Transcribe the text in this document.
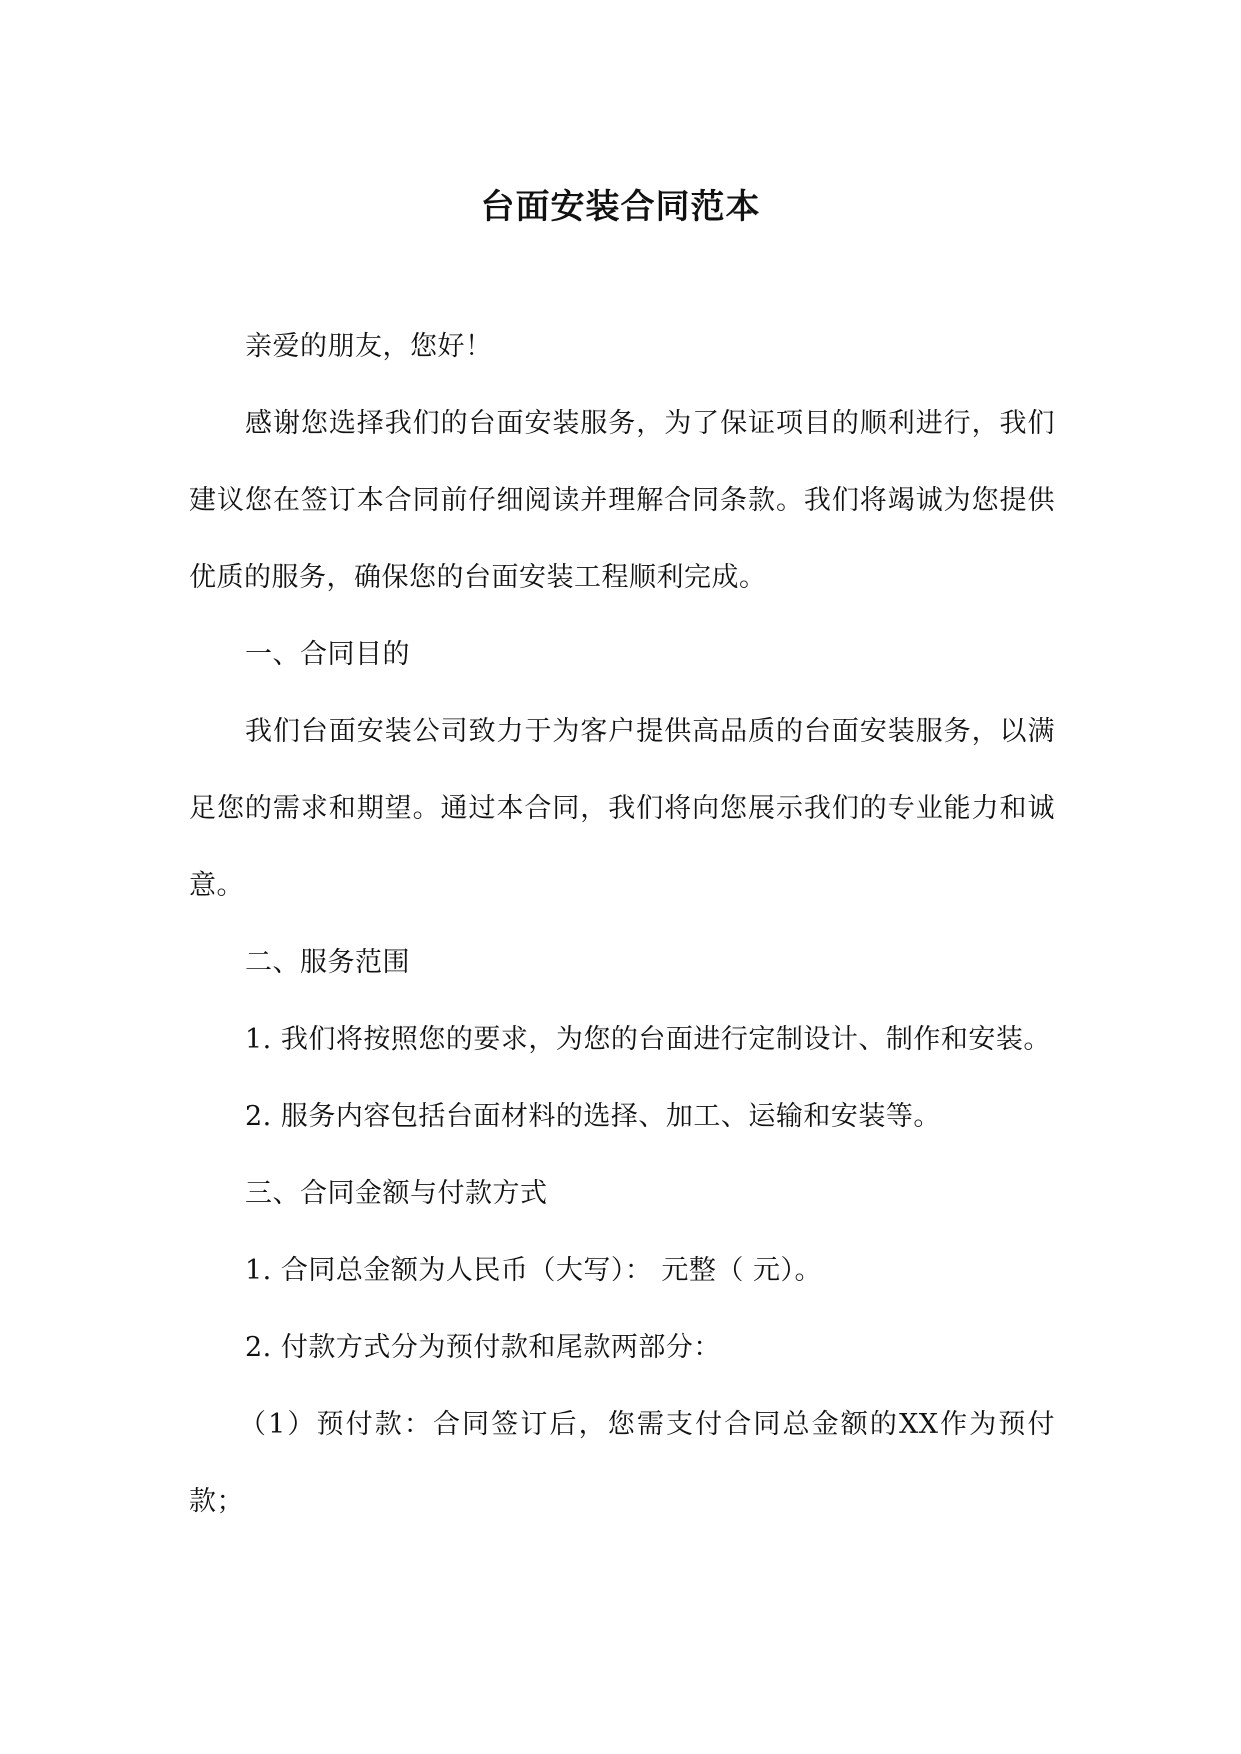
台面安装合同范本

亲爱的朋友，您好！

感谢您选择我们的台面安装服务，为了保证项目的顺利进行，我们建议您在签订本合同前仔细阅读并理解合同条款。我们将竭诚为您提供优质的服务，确保您的台面安装工程顺利完成。

一、合同目的

我们台面安装公司致力于为客户提供高品质的台面安装服务，以满足您的需求和期望。通过本合同，我们将向您展示我们的专业能力和诚意。

二、服务范围

1. 我们将按照您的要求，为您的台面进行定制设计、制作和安装。

2. 服务内容包括台面材料的选择、加工、运输和安装等。

三、合同金额与付款方式

1. 合同总金额为人民币（大写）： 元整（ 元）。

2. 付款方式分为预付款和尾款两部分：

（1）预付款：合同签订后，您需支付合同总金额的XX作为预付款；
